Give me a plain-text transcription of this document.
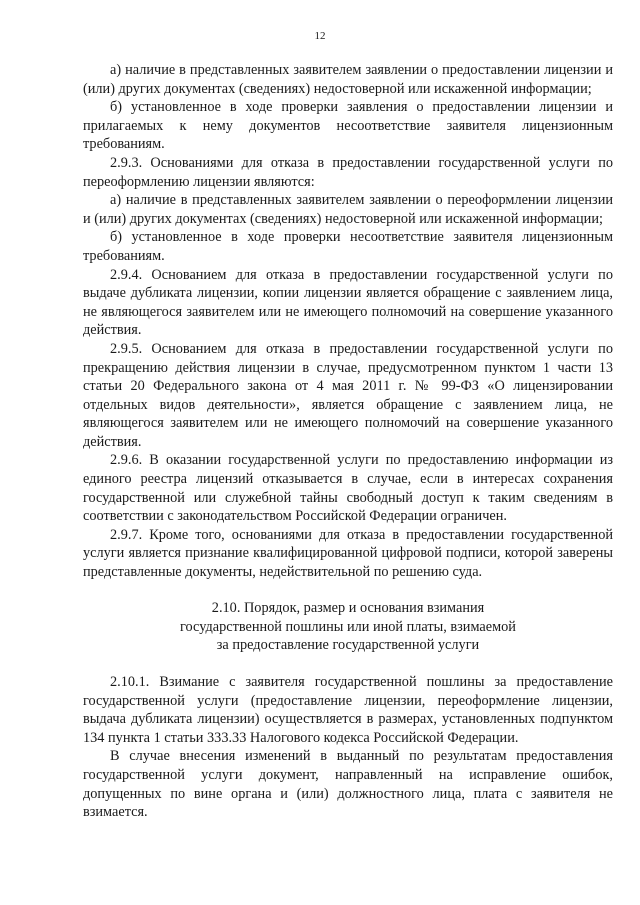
12

а) наличие в представленных заявителем заявлении о предоставлении лицензии и (или) других документах (сведениях) недостоверной или искаженной информации;

б) установленное в ходе проверки заявления о предоставлении лицензии и прилагаемых к нему документов несоответствие заявителя лицензионным требованиям.

2.9.3. Основаниями для отказа в предоставлении государственной услуги по переоформлению лицензии являются:

а) наличие в представленных заявителем заявлении о переоформлении лицензии и (или) других документах (сведениях) недостоверной или искаженной информации;

б) установленное в ходе проверки несоответствие заявителя лицензионным требованиям.

2.9.4. Основанием для отказа в предоставлении государственной услуги по выдаче дубликата лицензии, копии лицензии является обращение с заявлением лица, не являющегося заявителем или не имеющего полномочий на совершение указанного действия.

2.9.5. Основанием для отказа в предоставлении государственной услуги по прекращению действия лицензии в случае, предусмотренном пунктом 1 части 13 статьи 20 Федерального закона от 4 мая 2011 г. № 99-ФЗ «О лицензировании отдельных видов деятельности», является обращение с заявлением лица, не являющегося заявителем или не имеющего полномочий на совершение указанного действия.

2.9.6. В оказании государственной услуги по предоставлению информации из единого реестра лицензий отказывается в случае, если в интересах сохранения государственной или служебной тайны свободный доступ к таким сведениям в соответствии с законодательством Российской Федерации ограничен.

2.9.7. Кроме того, основаниями для отказа в предоставлении государственной услуги является признание квалифицированной цифровой подписи, которой заверены представленные документы, недействительной по решению суда.

2.10. Порядок, размер и основания взимания
государственной пошлины или иной платы, взимаемой
за предоставление государственной услуги

2.10.1. Взимание с заявителя государственной пошлины за предоставление государственной услуги (предоставление лицензии, переоформление лицензии, выдача дубликата лицензии) осуществляется в размерах, установленных подпунктом 134 пункта 1 статьи 333.33 Налогового кодекса Российской Федерации.

В случае внесения изменений в выданный по результатам предоставления государственной услуги документ, направленный на исправление ошибок, допущенных по вине органа и (или) должностного лица, плата с заявителя не взимается.
